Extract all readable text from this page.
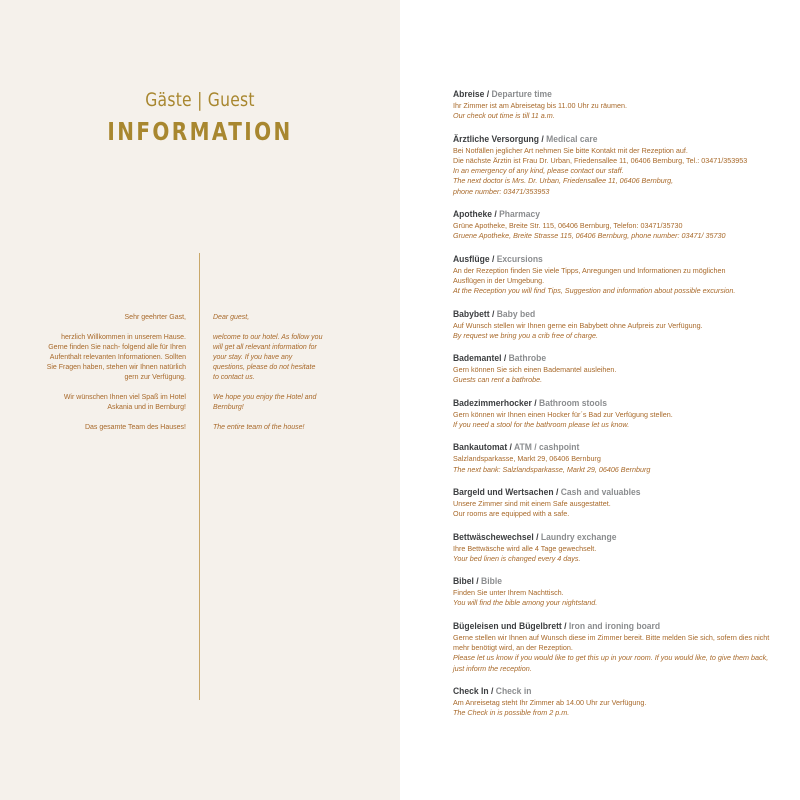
Gäste | Guest
INFORMATION

Sehr geehrter Gast,

herzlich Willkommen in unserem Hause. Gerne finden Sie nach- folgend alle für Ihren Aufenthalt relevanten Informationen. Sollten Sie Fragen haben, stehen wir Ihnen natürlich gern zur Verfügung.

Wir wünschen Ihnen viel Spaß im Hotel Askania und in Bernburg!

Das gesamte Team des Hauses!

Dear guest,

welcome to our hotel. As follow you will get all relevant information for your stay. If you have any questions, please do not hesitate to contact us.

We hope you enjoy the Hotel and Bernburg!

The entire team of the house!

Abreise / Departure time
Ihr Zimmer ist am Abreisetag bis 11.00 Uhr zu räumen.
Our check out time is till 11 a.m.
Ärztliche Versorgung / Medical care
Bei Notfällen jeglicher Art nehmen Sie bitte Kontakt mit der Rezeption auf.
Die nächste Ärztin ist Frau Dr. Urban, Friedensallee 11, 06406 Bernburg, Tel.: 03471/353953
In an emergency of any kind, please contact our staff.
The next doctor is Mrs. Dr. Urban, Friedensallee 11, 06406 Bernburg,
phone number: 03471/353953
Apotheke / Pharmacy
Grüne Apotheke, Breite Str. 115, 06406 Bernburg, Telefon: 03471/35730
Gruene Apotheke, Breite Strasse 115, 06406 Bernburg, phone number: 03471/ 35730
Ausflüge / Excursions
An der Rezeption finden Sie viele Tipps, Anregungen und Informationen zu möglichen
Ausflügen in der Umgebung.
At the Reception you will find Tips, Suggestion and information about possible excursion.
Babybett / Baby bed
Auf Wunsch stellen wir Ihnen gerne ein Babybett ohne Aufpreis zur Verfügung.
By request we bring you a crib free of charge.
Bademantel / Bathrobe
Gern können Sie sich einen Bademantel ausleihen.
Guests can rent a bathrobe.
Badezimmerhocker / Bathroom stools
Gern können wir Ihnen einen Hocker für´s Bad zur Verfügung stellen.
If you need a stool for the bathroom please let us know.
Bankautomat / ATM / cashpoint
Salzlandsparkasse, Markt 29, 06406 Bernburg
The next bank: Salzlandsparkasse, Markt 29, 06406 Bernburg
Bargeld und Wertsachen / Cash and valuables
Unsere Zimmer sind mit einem Safe ausgestattet.
Our rooms are equipped with a safe.
Bettwäschewechsel / Laundry exchange
Ihre Bettwäsche wird alle 4 Tage gewechselt.
Your bed linen is changed every 4 days.
Bibel / Bible
Finden Sie unter Ihrem Nachttisch.
You will find the bible among your nightstand.
Bügeleisen und Bügelbrett / Iron and ironing board
Gerne stellen wir Ihnen auf Wunsch diese im Zimmer bereit. Bitte melden Sie sich, sofern dies nicht mehr benötigt wird, an der Rezeption.
Please let us know if you would like to get this up in your room. If you would like, to give them back, just inform the reception.
Check In / Check in
Am Anreisetag steht Ihr Zimmer ab 14.00 Uhr zur Verfügung.
The Check in is possible from 2 p.m.
